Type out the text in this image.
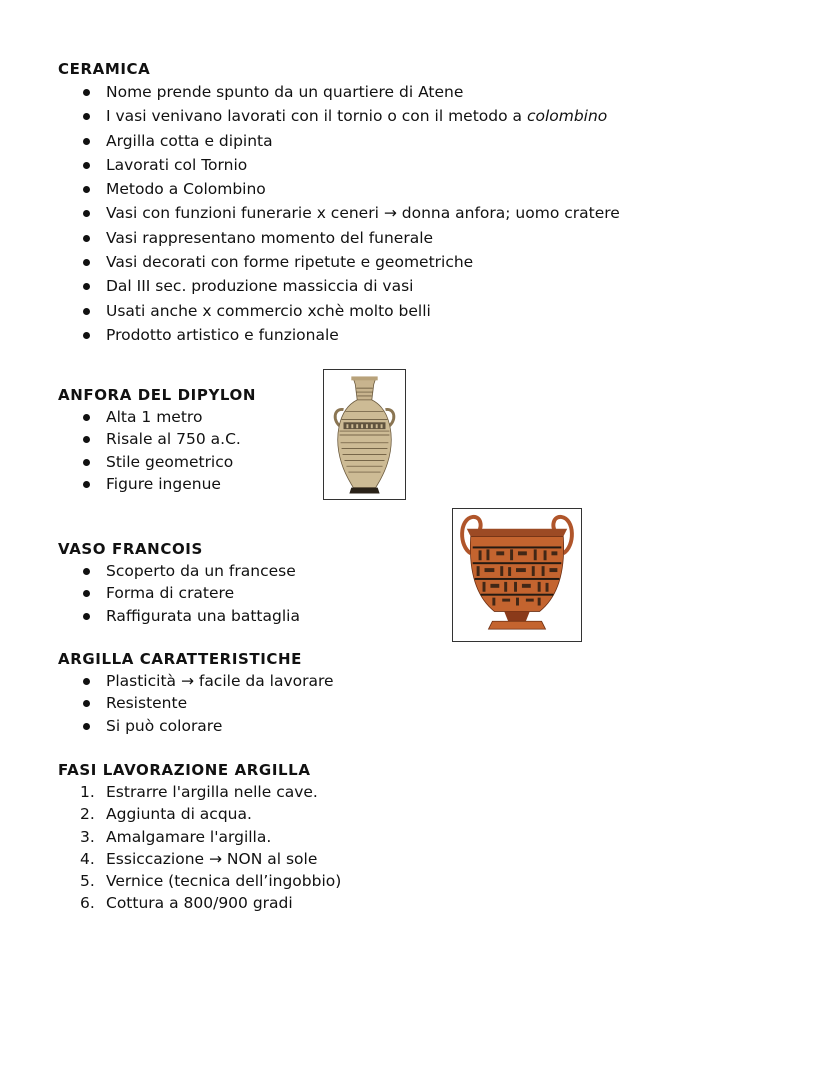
CERAMICA
Nome prende spunto da un quartiere di Atene
I vasi venivano lavorati con il tornio o con il metodo a colombino
Argilla cotta e dipinta
Lavorati col Tornio
Metodo a Colombino
Vasi con funzioni funerarie x ceneri → donna anfora; uomo cratere
Vasi rappresentano momento del funerale
Vasi decorati con forme ripetute e geometriche
Dal III sec. produzione massiccia di vasi
Usati anche x commercio xchè molto belli
Prodotto artistico e funzionale
ANFORA DEL DIPYLON
Alta 1 metro
Risale al 750 a.C.
Stile geometrico
Figure ingenue
VASO FRANCOIS
Scoperto da un francese
Forma di cratere
Raffigurata una battaglia
ARGILLA CARATTERISTICHE
Plasticità → facile da lavorare
Resistente
Si può colorare
FASI LAVORAZIONE ARGILLA
1. Estrarre l'argilla nelle cave.
2. Aggiunta di acqua.
3. Amalgamare l'argilla.
4. Essiccazione → NON al sole
5. Vernice (tecnica dell’ingobbio)
6. Cottura a 800/900 gradi
